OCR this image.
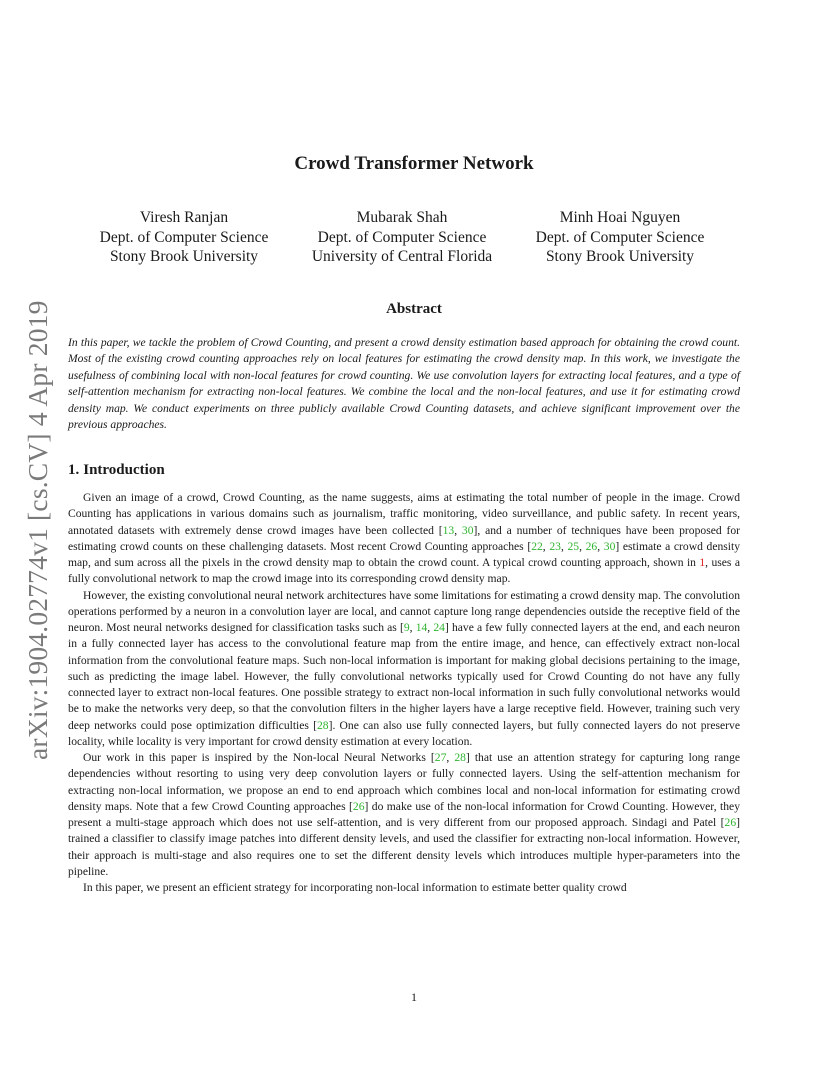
arXiv:1904.02774v1 [cs.CV] 4 Apr 2019
Crowd Transformer Network
Viresh Ranjan
Dept. of Computer Science
Stony Brook University
Mubarak Shah
Dept. of Computer Science
University of Central Florida
Minh Hoai Nguyen
Dept. of Computer Science
Stony Brook University
Abstract

In this paper, we tackle the problem of Crowd Counting, and present a crowd density estimation based approach for obtaining the crowd count. Most of the existing crowd counting approaches rely on local features for estimating the crowd density map. In this work, we investigate the usefulness of combining local with non-local features for crowd counting. We use convolution layers for extracting local features, and a type of self-attention mechanism for extracting non-local features. We combine the local and the non-local features, and use it for estimating crowd density map. We conduct experiments on three publicly available Crowd Counting datasets, and achieve significant improvement over the previous approaches.

1. Introduction

Given an image of a crowd, Crowd Counting, as the name suggests, aims at estimating the total number of people in the image. Crowd Counting has applications in various domains such as journalism, traffic monitoring, video surveillance, and public safety. In recent years, annotated datasets with extremely dense crowd images have been collected [13, 30], and a number of techniques have been proposed for estimating crowd counts on these challenging datasets. Most recent Crowd Counting approaches [22, 23, 25, 26, 30] estimate a crowd density map, and sum across all the pixels in the crowd density map to obtain the crowd count. A typical crowd counting approach, shown in 1, uses a fully convolutional network to map the crowd image into its corresponding crowd density map.

However, the existing convolutional neural network architectures have some limitations for estimating a crowd density map. The convolution operations performed by a neuron in a convolution layer are local, and cannot capture long range dependencies outside the receptive field of the neuron. Most neural networks designed for classification tasks such as [9, 14, 24] have a few fully connected layers at the end, and each neuron in a fully connected layer has access to the convolutional feature map from the entire image, and hence, can effectively extract non-local information from the convolutional feature maps. Such non-local information is important for making global decisions pertaining to the image, such as predicting the image label. However, the fully convolutional networks typically used for Crowd Counting do not have any fully connected layer to extract non-local features. One possible strategy to extract non-local information in such fully convolutional networks would be to make the networks very deep, so that the convolution filters in the higher layers have a large receptive field. However, training such very deep networks could pose optimization difficulties [28]. One can also use fully connected layers, but fully connected layers do not preserve locality, while locality is very important for crowd density estimation at every location.

Our work in this paper is inspired by the Non-local Neural Networks [27, 28] that use an attention strategy for capturing long range dependencies without resorting to using very deep convolution layers or fully connected layers. Using the self-attention mechanism for extracting non-local information, we propose an end to end approach which combines local and non-local information for estimating crowd density maps. Note that a few Crowd Counting approaches [26] do make use of the non-local information for Crowd Counting. However, they present a multi-stage approach which does not use self-attention, and is very different from our proposed approach. Sindagi and Patel [26] trained a classifier to classify image patches into different density levels, and used the classifier for extracting non-local information. However, their approach is multi-stage and also requires one to set the different density levels which introduces multiple hyper-parameters into the pipeline.

In this paper, we present an efficient strategy for incorporating non-local information to estimate better quality crowd

1
